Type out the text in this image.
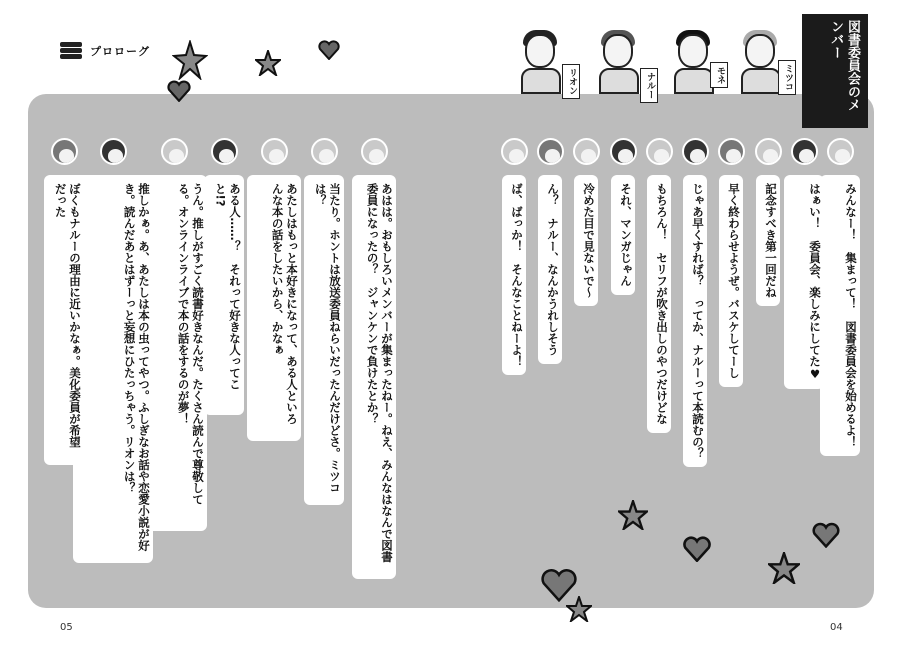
プロローグ
リオン	ナルー	モネ	ミツコ	図書委員会のメンバー
みんなー！　集まって！　図書委員会を始めるよ！
はぁい！　委員会、楽しみにしてた♥
記念すべき第一回だね
早く終わらせようぜ。バスケしてーし
じゃあ早くすれば？　ってか、ナルーって本読むの？
もちろん！　セリフが吹き出しのやつだけどな
それ、マンガじゃん
冷めた目で見ないで〜
ん？　ナルー、なんかうれしそう
ば、ばっか！　そんなことねーよ！
あはは。おもしろいメンバーが集まったねー。ねえ、みんなはなんで図書委員になったの？　ジャンケンで負けたとか？
当たり。ホントは放送委員ねらいだったんだけどさ。ミツコは？
あたしはもっと本好きになって、ある人といろんな本の話をしたいから、かなぁ
ある人……？　それって好きな人ってこと!?
うん。推しがすごく読書好きなんだ。たくさん読んで尊敬してる。オンラインライブで本の話をするのが夢！
推しかぁ。あ、あたしは本の虫ってやつ。ふしぎなお話や恋愛小説が好き。読んだあとはずーっと妄想にひたっちゃう。リオンは？
ぼくもナルーの理由に近いかなぁ。美化委員が希望だった
05	04
